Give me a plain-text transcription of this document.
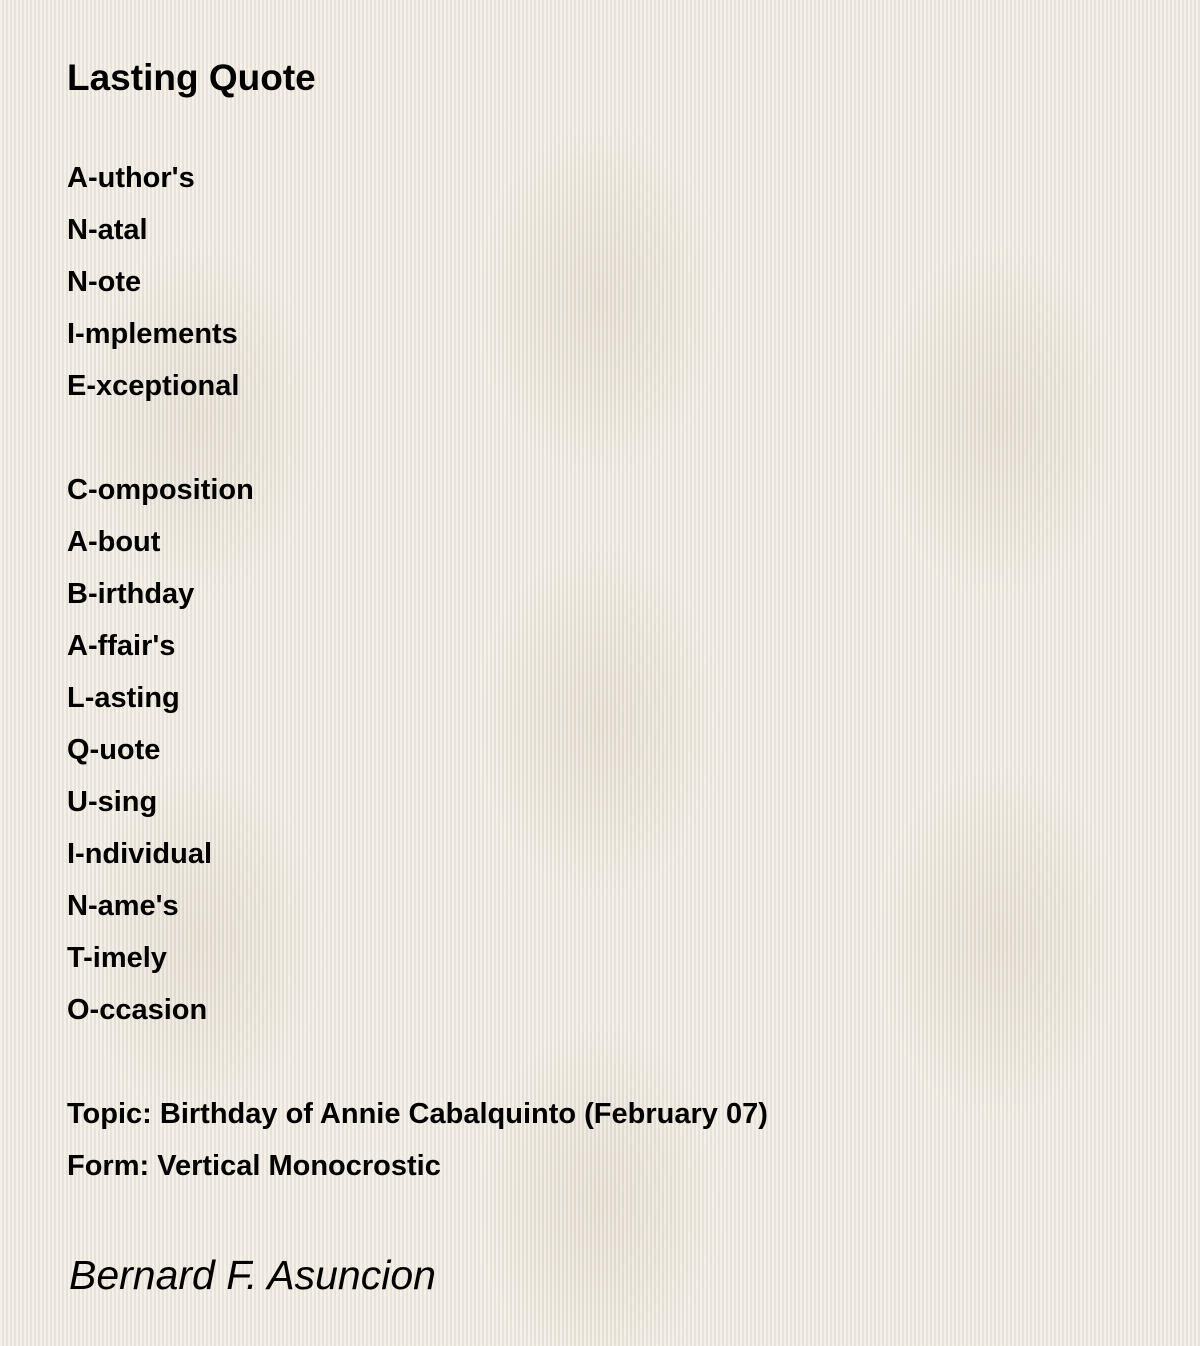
Lasting Quote
A-uthor's
N-atal
N-ote
I-mplements
E-xceptional
C-omposition
A-bout
B-irthday
A-ffair's
L-asting
Q-uote
U-sing
I-ndividual
N-ame's
T-imely
O-ccasion
Topic: Birthday of Annie Cabalquinto (February 07)
Form: Vertical Monocrostic
Bernard F. Asuncion
